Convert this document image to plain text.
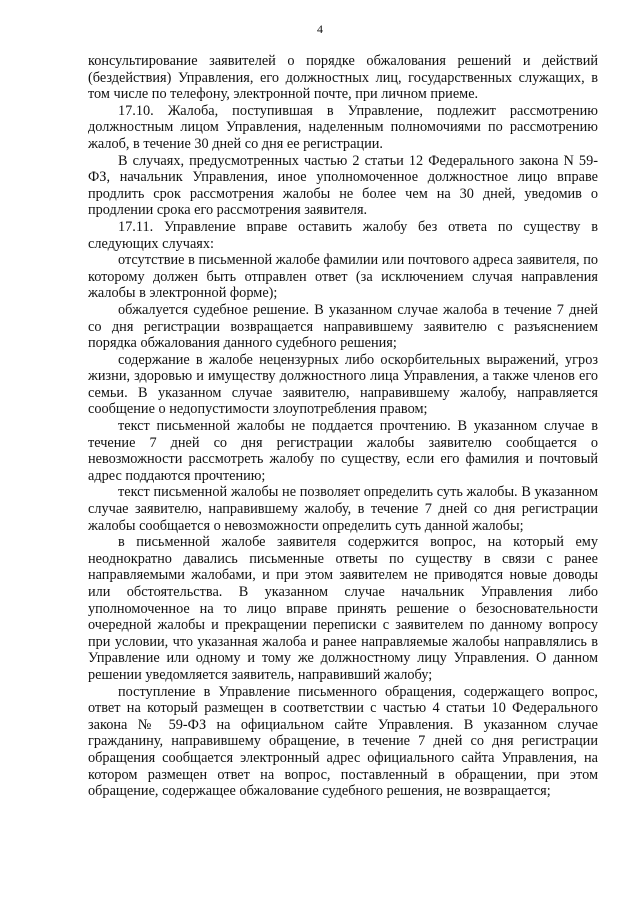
4

консультирование заявителей о порядке обжалования решений и действий (бездействия) Управления, его должностных лиц, государственных служащих, в том числе по телефону, электронной почте, при личном приеме.

17.10. Жалоба, поступившая в Управление, подлежит рассмотрению должностным лицом Управления, наделенным полномочиями по рассмотрению жалоб, в течение 30 дней со дня ее регистрации.

В случаях, предусмотренных частью 2 статьи 12 Федерального закона N 59-ФЗ, начальник Управления, иное уполномоченное должностное лицо вправе продлить срок рассмотрения жалобы не более чем на 30 дней, уведомив о продлении срока его рассмотрения заявителя.

17.11. Управление вправе оставить жалобу без ответа по существу в следующих случаях:

отсутствие в письменной жалобе фамилии или почтового адреса заявителя, по которому должен быть отправлен ответ (за исключением случая направления жалобы в электронной форме);

обжалуется судебное решение. В указанном случае жалоба в течение 7 дней со дня регистрации возвращается направившему заявителю с разъяснением порядка обжалования данного судебного решения;

содержание в жалобе нецензурных либо оскорбительных выражений, угроз жизни, здоровью и имуществу должностного лица Управления, а также членов его семьи. В указанном случае заявителю, направившему жалобу, направляется сообщение о недопустимости злоупотребления правом;

текст письменной жалобы не поддается прочтению. В указанном случае в течение 7 дней со дня регистрации жалобы заявителю сообщается о невозможности рассмотреть жалобу по существу, если его фамилия и почтовый адрес поддаются прочтению;

текст письменной жалобы не позволяет определить суть жалобы. В указанном случае заявителю, направившему жалобу, в течение 7 дней со дня регистрации жалобы сообщается о невозможности определить суть данной жалобы;

в письменной жалобе заявителя содержится вопрос, на который ему неоднократно давались письменные ответы по существу в связи с ранее направляемыми жалобами, и при этом заявителем не приводятся новые доводы или обстоятельства. В указанном случае начальник Управления либо уполномоченное на то лицо вправе принять решение о безосновательности очередной жалобы и прекращении переписки с заявителем по данному вопросу при условии, что указанная жалоба и ранее направляемые жалобы направлялись в Управление или одному и тому же должностному лицу Управления. О данном решении уведомляется заявитель, направивший жалобу;

поступление в Управление письменного обращения, содержащего вопрос, ответ на который размещен в соответствии с частью 4 статьи 10 Федерального закона № 59-ФЗ на официальном сайте Управления. В указанном случае гражданину, направившему обращение, в течение 7 дней со дня регистрации обращения сообщается электронный адрес официального сайта Управления, на котором размещен ответ на вопрос, поставленный в обращении, при этом обращение, содержащее обжалование судебного решения, не возвращается;
